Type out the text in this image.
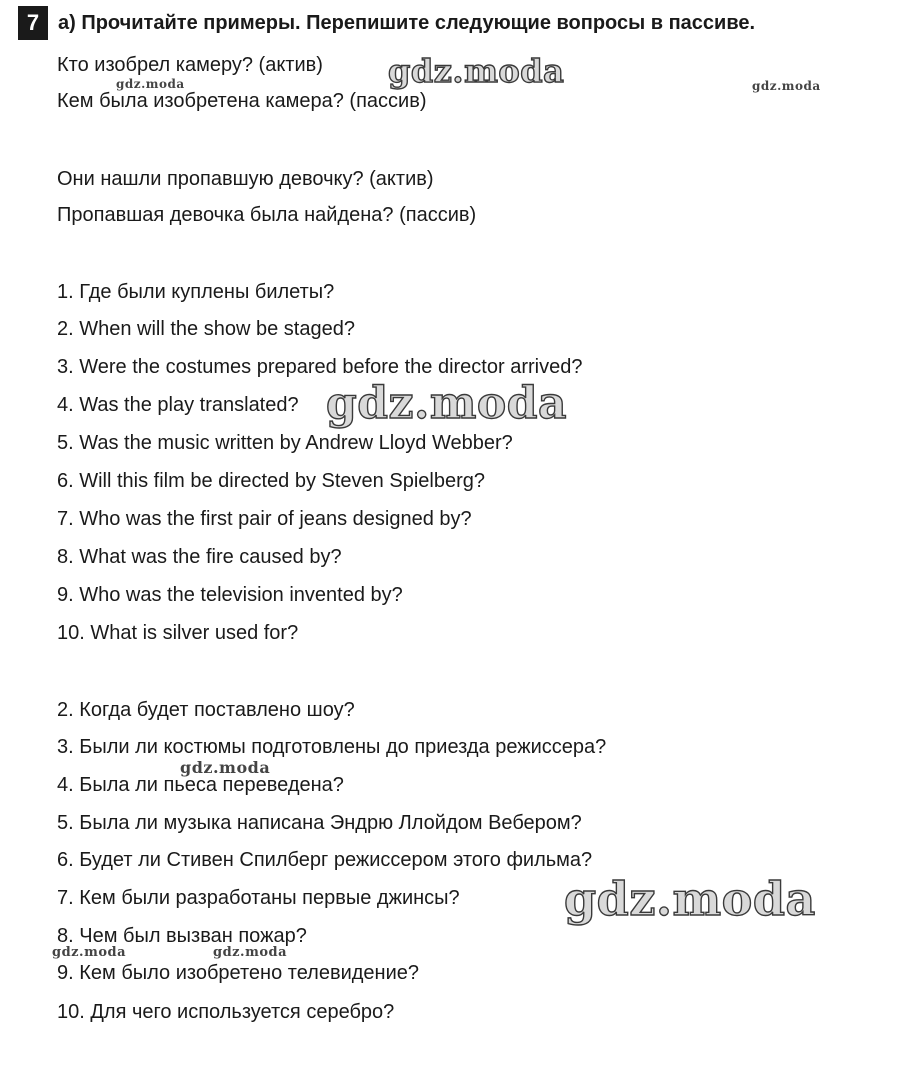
7 а) Прочитайте примеры. Перепишите следующие вопросы в пассиве.
Кто изобрел камеру? (актив)
Кем была изобретена камера? (пассив)
Они нашли пропавшую девочку? (актив)
Пропавшая девочка была найдена? (пассив)
1. Где были куплены билеты?
2. When will the show be staged?
3. Were the costumes prepared before the director arrived?
4. Was the play translated?
5. Was the music written by Andrew Lloyd Webber?
6. Will this film be directed by Steven Spielberg?
7. Who was the first pair of jeans designed by?
8. What was the fire caused by?
9. Who was the television invented by?
10. What is silver used for?
2. Когда будет поставлено шоу?
3. Были ли костюмы подготовлены до приезда режиссера?
4. Была ли пьеса переведена?
5. Была ли музыка написана Эндрю Ллойдом Вебером?
6. Будет ли Стивен Спилберг режиссером этого фильма?
7. Кем были разработаны первые джинсы?
8. Чем был вызван пожар?
9. Кем было изобретено телевидение?
10. Для чего используется серебро?
gdz.moda
gdz.moda	gdz.moda
gdz.moda
gdz.moda
gdz.moda
gdz.moda	gdz.moda
